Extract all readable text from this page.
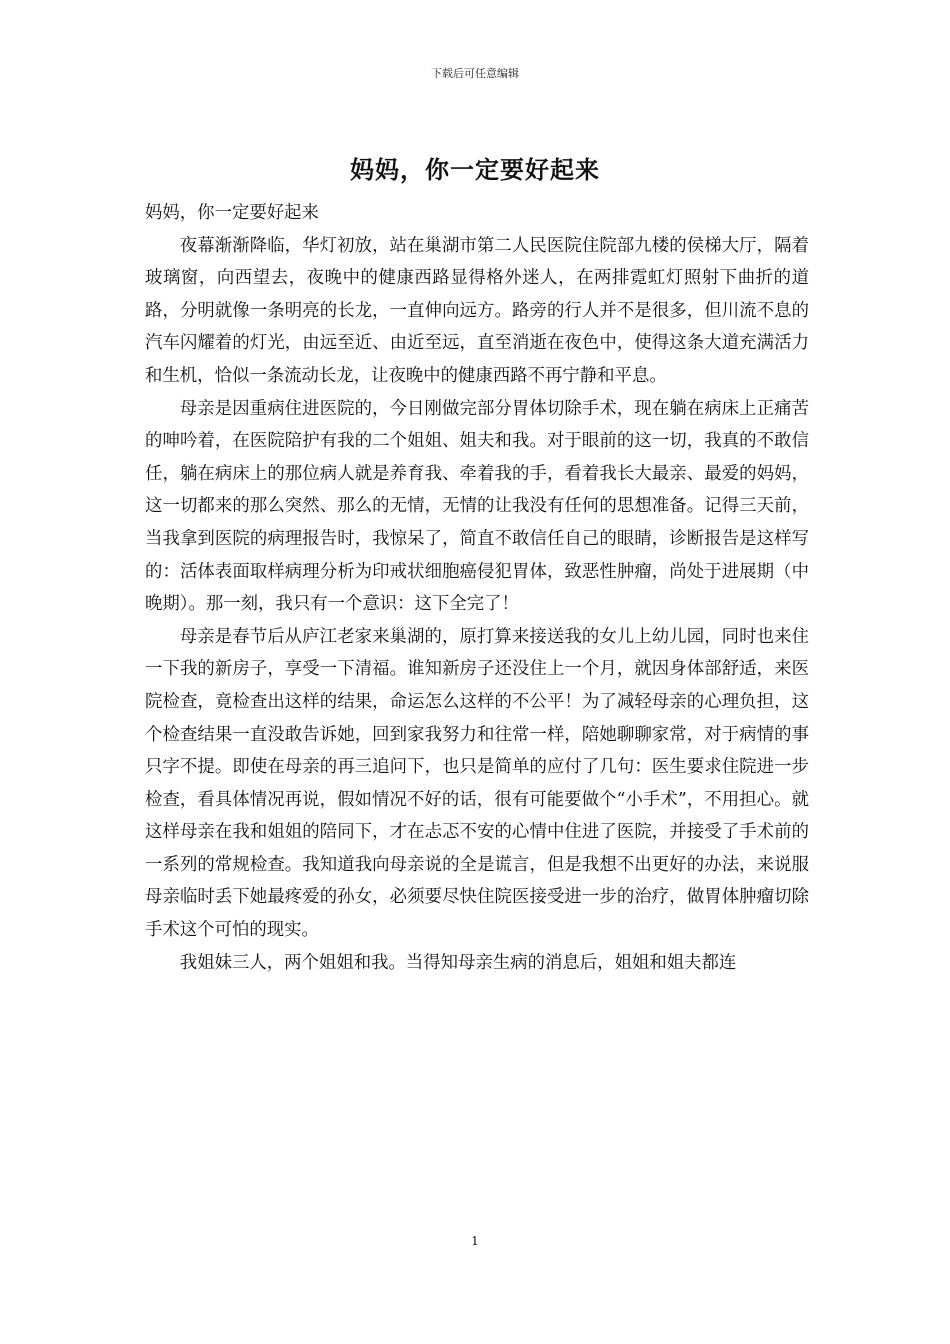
下载后可任意编辑
妈妈，你一定要好起来

妈妈，你一定要好起来

夜幕渐渐降临，华灯初放，站在巢湖市第二人民医院住院部九楼的侯梯大厅，隔着玻璃窗，向西望去，夜晚中的健康西路显得格外迷人，在两排霓虹灯照射下曲折的道路，分明就像一条明亮的长龙，一直伸向远方。路旁的行人并不是很多，但川流不息的汽车闪耀着的灯光，由远至近、由近至远，直至消逝在夜色中，使得这条大道充满活力和生机，恰似一条流动长龙，让夜晚中的健康西路不再宁静和平息。

母亲是因重病住进医院的，今日刚做完部分胃体切除手术，现在躺在病床上正痛苦的呻吟着，在医院陪护有我的二个姐姐、姐夫和我。对于眼前的这一切，我真的不敢信任，躺在病床上的那位病人就是养育我、牵着我的手，看着我长大最亲、最爱的妈妈，这一切都来的那么突然、那么的无情，无情的让我没有任何的思想准备。记得三天前，当我拿到医院的病理报告时，我惊呆了，简直不敢信任自己的眼睛，诊断报告是这样写的：活体表面取样病理分析为印戒状细胞癌侵犯胃体，致恶性肿瘤，尚处于进展期（中晚期）。那一刻，我只有一个意识：这下全完了！

母亲是春节后从庐江老家来巢湖的，原打算来接送我的女儿上幼儿园，同时也来住一下我的新房子，享受一下清福。谁知新房子还没住上一个月，就因身体部舒适，来医院检查，竟检查出这样的结果，命运怎么这样的不公平！为了减轻母亲的心理负担，这个检查结果一直没敢告诉她，回到家我努力和往常一样，陪她聊聊家常，对于病情的事只字不提。即使在母亲的再三追问下，也只是简单的应付了几句：医生要求住院进一步检查，看具体情况再说，假如情况不好的话，很有可能要做个“小手术”，不用担心。就这样母亲在我和姐姐的陪同下，才在忐忑不安的心情中住进了医院，并接受了手术前的一系列的常规检查。我知道我向母亲说的全是谎言，但是我想不出更好的办法，来说服母亲临时丢下她最疼爱的孙女，必须要尽快住院医接受进一步的治疗，做胃体肿瘤切除手术这个可怕的现实。

我姐妹三人，两个姐姐和我。当得知母亲生病的消息后，姐姐和姐夫都连

1
